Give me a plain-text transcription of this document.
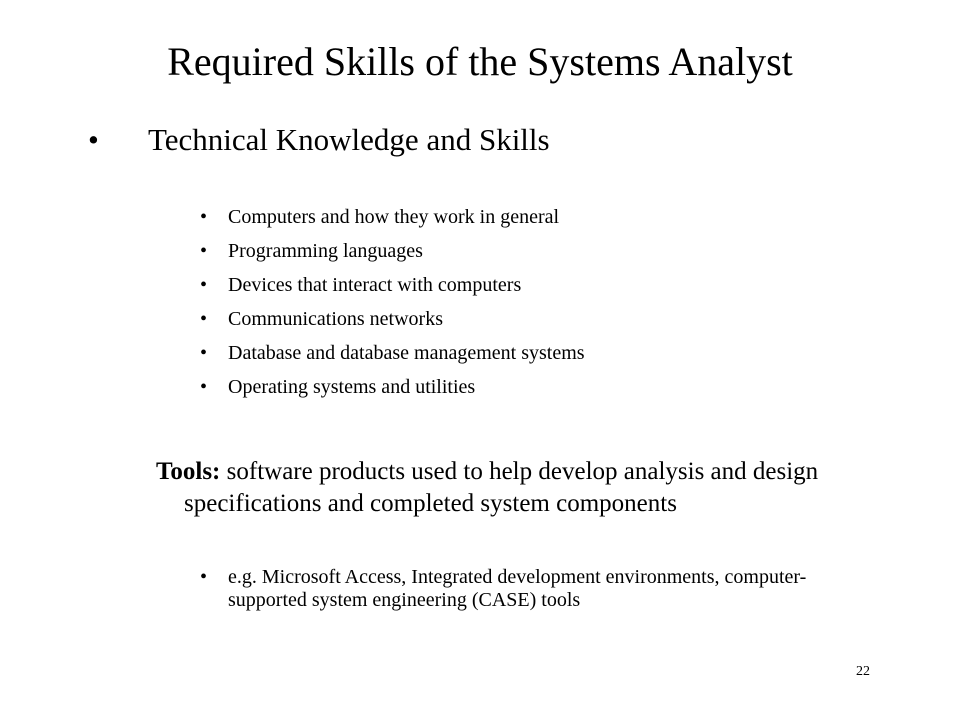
Required Skills of the Systems Analyst
• Technical Knowledge and Skills
• Computers and how they work in general
• Programming languages
• Devices that interact with computers
• Communications networks
• Database and database management systems
• Operating systems and utilities
Tools: software products used to help develop analysis and design specifications and completed system components
• e.g. Microsoft Access, Integrated development environments, computer-supported system engineering (CASE) tools
22
